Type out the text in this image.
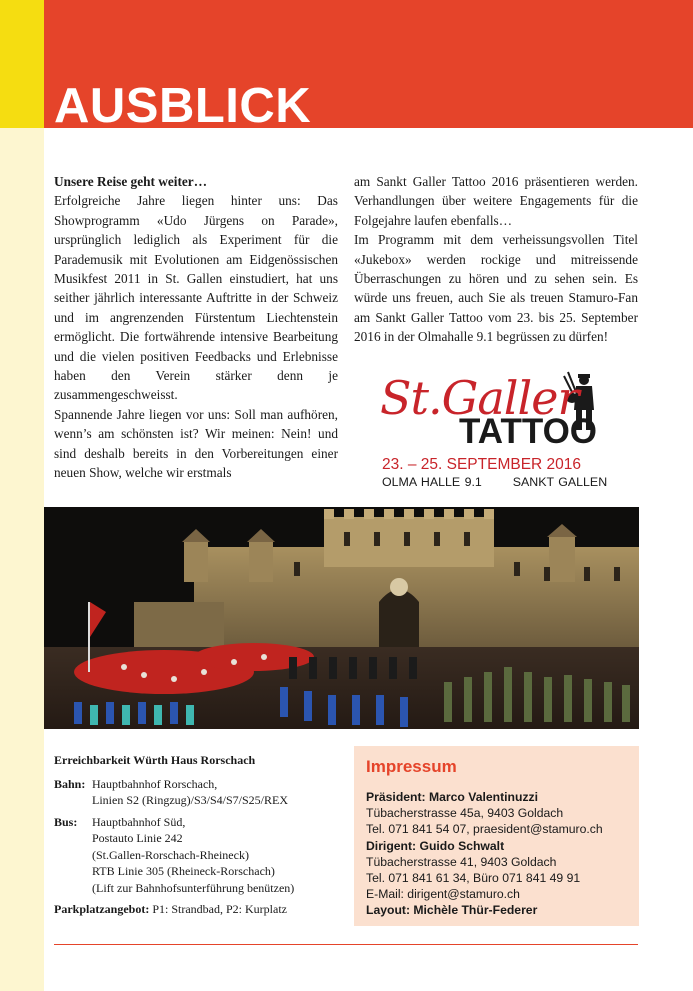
AUSBLICK

Unsere Reise geht weiter…

Erfolgreiche Jahre liegen hinter uns: Das Showprogramm «Udo Jürgens on Parade», ursprünglich lediglich als Experiment für die Parademusik mit Evolutionen am Eidgenössischen Musikfest 2011 in St. Gallen einstudiert, hat uns seither jährlich interessante Auftritte in der Schweiz und im angrenzenden Fürstentum Liechtenstein ermöglicht. Die fortwährende intensive Bearbeitung und die vielen positiven Feedbacks und Erlebnisse haben den Verein stärker denn je zusammengeschweisst.

Spannende Jahre liegen vor uns: Soll man aufhören, wenn’s am schönsten ist? Wir meinen: Nein! und sind deshalb bereits in den Vorbereitungen einer neuen Show, welche wir erstmals

am Sankt Galler Tattoo 2016 präsentieren werden. Verhandlungen über weitere Engagements für die Folgejahre laufen ebenfalls…

Im Programm mit dem verheissungsvollen Titel «Jukebox» werden rockige und mitreissende Überraschungen zu hören und zu sehen sein. Es würde uns freuen, auch Sie als treuen Stamuro-Fan am Sankt Galler Tattoo vom 23. bis 25. September 2016 in der Olmahalle 9.1 begrüssen zu dürfen!

St.Galler
TATTOO
23. – 25. SEPTEMBER 2016
OLMA HALLE 9.1 SANKT GALLEN
Erreichbarkeit Würth Haus Rorschach
Bahn: Hauptbahnhof Rorschach,
Linien S2 (Ringzug)/S3/S4/S7/S25/REX
Bus:	Hauptbahnhof Süd,
Postauto Linie 242
(St.Gallen-Rorschach-Rheineck)
RTB Linie 305 (Rheineck-Rorschach)
(Lift zur Bahnhofsunterführung benützen)
Parkplatzangebot: P1: Strandbad, P2: Kurplatz
Impressum
Präsident: Marco Valentinuzzi
Tübacherstrasse 45a, 9403 Goldach
Tel. 071 841 54 07, praesident@stamuro.ch
Dirigent: Guido Schwalt
Tübacherstrasse 41, 9403 Goldach
Tel. 071 841 61 34, Büro 071 841 49 91
E-Mail: dirigent@stamuro.ch
Layout: Michèle Thür-Federer
